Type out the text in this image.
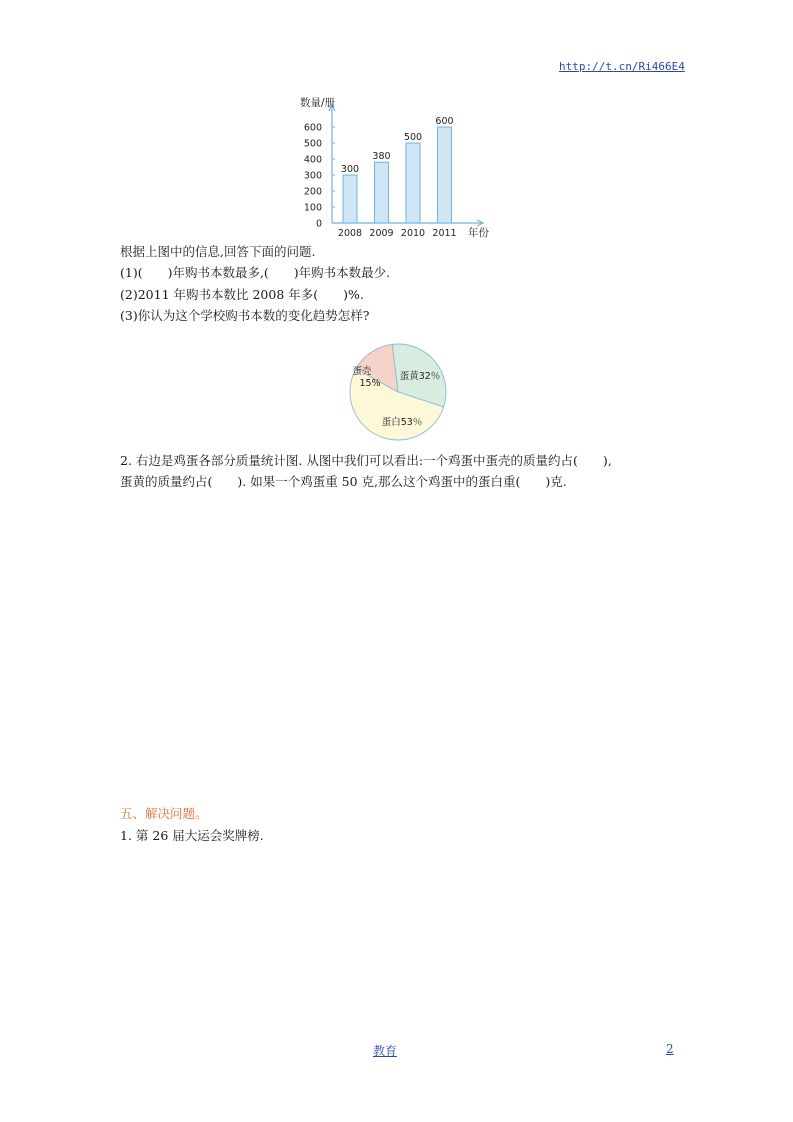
http://t.cn/Ri466E4
0
100
200
300
400
500
600
数量/册
年份
300
2008
380
2009
500
2010
600
2011
根据上图中的信息,回答下面的问题.
(1)(　　)年购书本数最多,(　　)年购书本数最少.
(2)2011 年购书本数比 2008 年多(　　)%.
(3)你认为这个学校购书本数的变化趋势怎样?
蛋黄32％
蛋白53％
蛋壳
15%
2. 右边是鸡蛋各部分质量统计图. 从图中我们可以看出:一个鸡蛋中蛋壳的质量约占(　　),
蛋黄的质量约占(　　). 如果一个鸡蛋重 50 克,那么这个鸡蛋中的蛋白重(　　)克.
五、解决问题。
1. 第 26 届大运会奖牌榜.
教育	2
